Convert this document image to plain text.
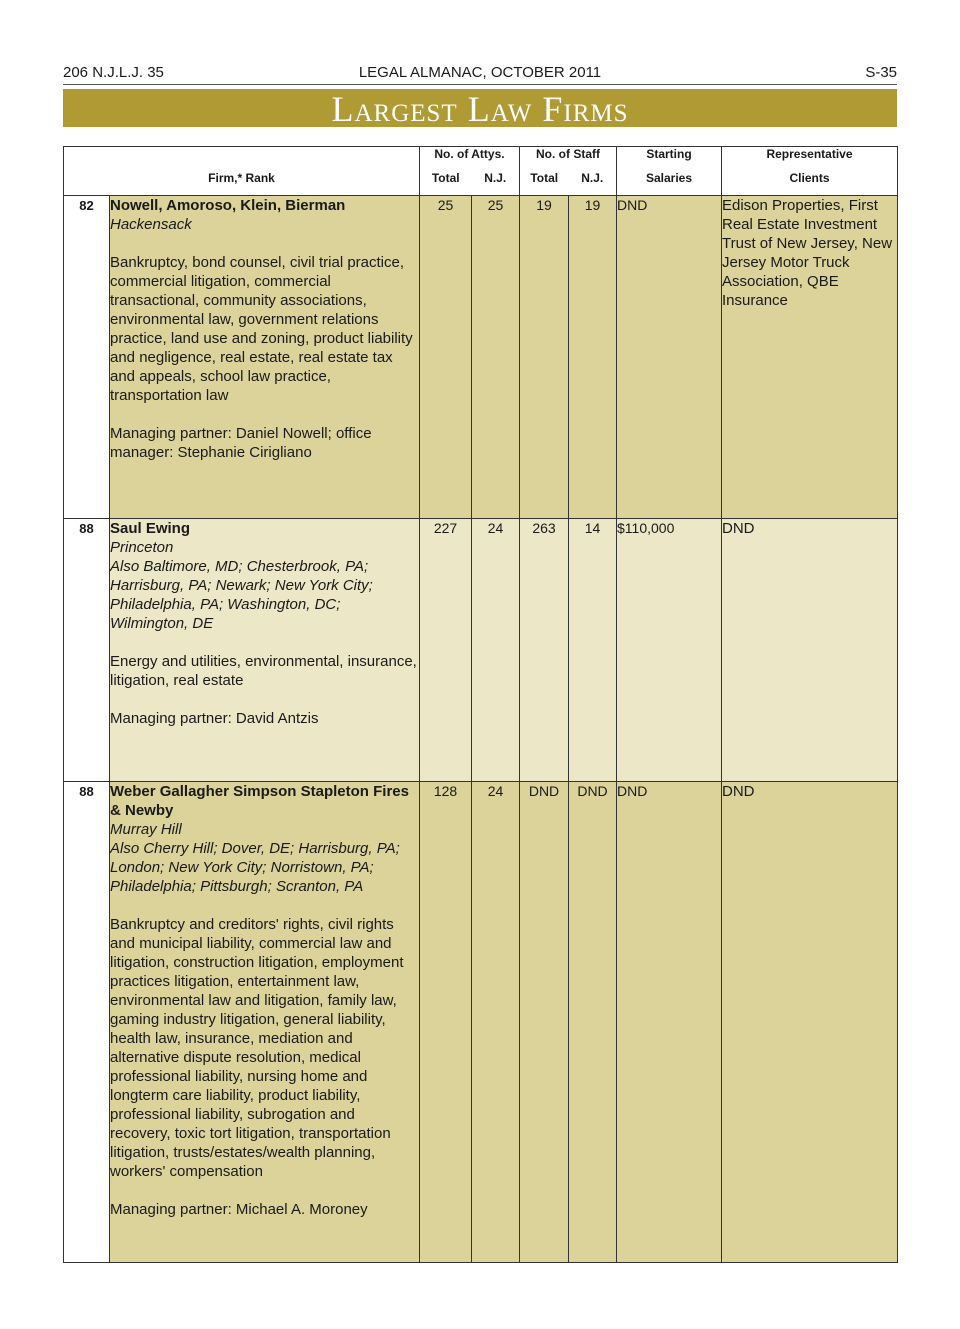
206 N.J.L.J. 35	LEGAL ALMANAC, OCTOBER 2011	S-35
Largest Law Firms
		No. of Attys.		No. of Staff		Starting	Representative
Firm,* Rank		Total	N.J.	Total	N.J.	Salaries	Clients
82	Nowell, Amoroso, Klein, Bierman
Hackensack
Bankruptcy, bond counsel, civil trial practice, commercial litigation, commercial transactional, community associations, environmental law, government relations practice, land use and zoning, product liability and negligence, real estate, real estate tax and appeals, school law practice, transportation law
Managing partner: Daniel Nowell; office manager: Stephanie Cirigliano	25	25	19	19	DND	Edison Properties, First Real Estate Investment Trust of New Jersey, New Jersey Motor Truck Association, QBE Insurance
88	Saul Ewing
Princeton
Also Baltimore, MD; Chesterbrook, PA; Harrisburg, PA; Newark; New York City; Philadelphia, PA; Washington, DC; Wilmington, DE
Energy and utilities, environmental, insurance, litigation, real estate
Managing partner: David Antzis	227	24	263	14	$110,000	DND
88	Weber Gallagher Simpson Stapleton Fires & Newby
Murray Hill
Also Cherry Hill; Dover, DE; Harrisburg, PA; London; New York City; Norristown, PA; Philadelphia; Pittsburgh; Scranton, PA
Bankruptcy and creditors' rights, civil rights and municipal liability, commercial law and litigation, construction litigation, employment practices litigation, entertainment law, environmental law and litigation, family law, gaming industry litigation, general liability, health law, insurance, mediation and alternative dispute resolution, medical professional liability, nursing home and longterm care liability, product liability, professional liability, subrogation and recovery, toxic tort litigation, transportation litigation, trusts/estates/wealth planning, workers' compensation
Managing partner: Michael A. Moroney	128	24	DND	DND	DND	DND
